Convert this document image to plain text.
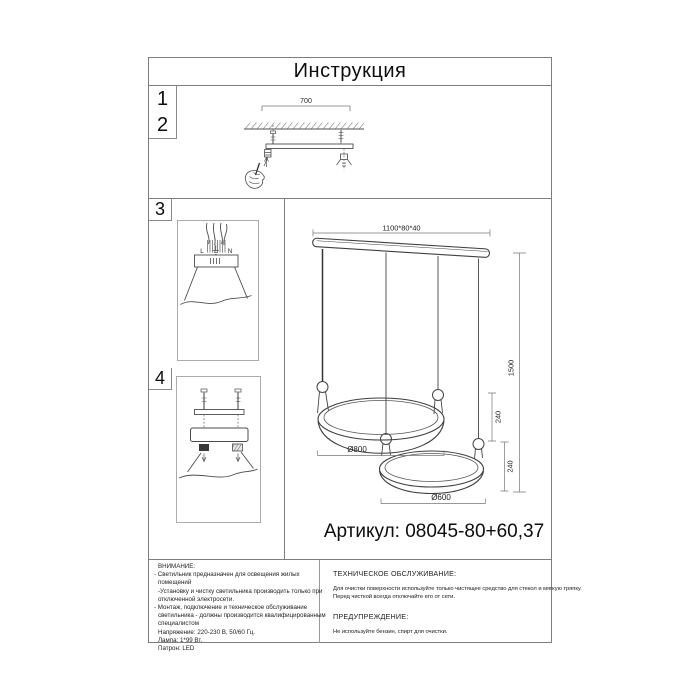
Инструкция
1
2
700
3
L	N
4
1100*80*40
1500
240
240
Ø800
Ø600
Артикул: 08045-80+60,37
ВНИМАНИЕ:
- Светильник предназначен для освещения жилых
помещений
-Установку и чистку светильника производить только при
отключенной электросети.
- Монтаж, подключение и техническое обслуживание
светильника - должны производится квалифицированным
специалистом
Напряжение: 220-230 В, 50/60 Гц.
Лампа: 1*99 Вт.
Патрон: LED
ТЕХНИЧЕСКОЕ ОБСЛУЖИВАНИЕ:
Для очистки поверхности используйте только чистящее средство для стекол и мягкую тряпку.
Перед чисткой всегда отключайте его от сети.
ПРЕДУПРЕЖДЕНИЕ:
Не используйте бензин, спирт для очистки.
